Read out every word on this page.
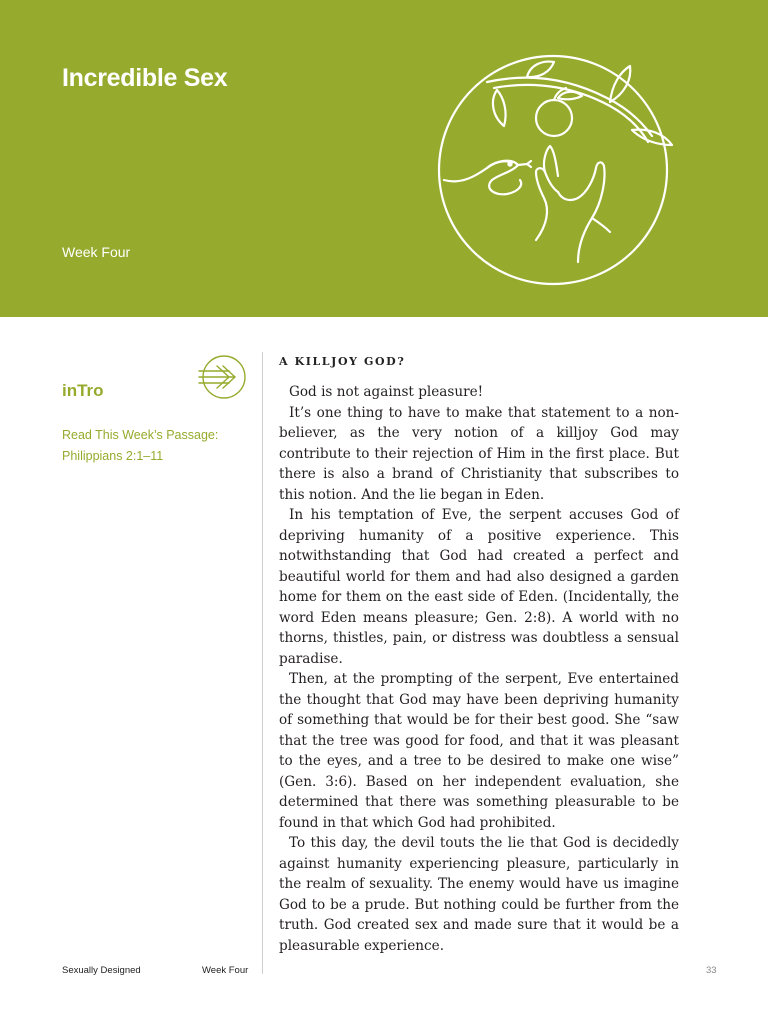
Incredible Sex
Week Four
inTro
Read This Week’s Passage:
Philippians 2:1–11
A KILLJOY GOD?

God is not against pleasure!

It’s one thing to have to make that statement to a non-believer, as the very notion of a killjoy God may contribute to their rejection of Him in the first place. But there is also a brand of Christianity that subscribes to this notion. And the lie began in Eden.

In his temptation of Eve, the serpent accuses God of depriving humanity of a positive experience. This notwithstanding that God had created a perfect and beautiful world for them and had also designed a garden home for them on the east side of Eden. (Incidentally, the word Eden means pleasure; Gen. 2:8). A world with no thorns, thistles, pain, or distress was doubtless a sensual paradise.

Then, at the prompting of the serpent, Eve entertained the thought that God may have been depriving humanity of something that would be for their best good. She “saw that the tree was good for food, and that it was pleasant to the eyes, and a tree to be desired to make one wise” (Gen. 3:6). Based on her independent evaluation, she determined that there was something pleasurable to be found in that which God had prohibited.

To this day, the devil touts the lie that God is decidedly against humanity experiencing pleasure, particularly in the realm of sexuality. The enemy would have us imagine God to be a prude. But nothing could be further from the truth. God created sex and made sure that it would be a pleasurable experience.

Sexually Designed	Week Four	33
